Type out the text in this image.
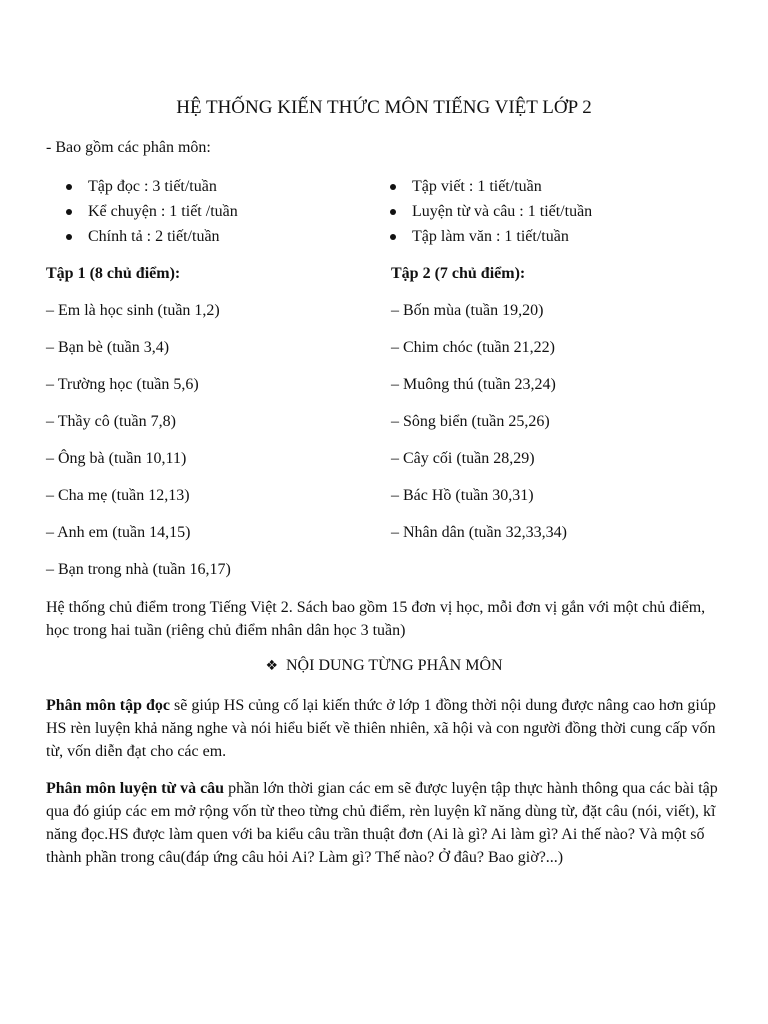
HỆ THỐNG KIẾN THỨC MÔN TIẾNG VIỆT LỚP 2

- Bao gồm các phân môn:

Tập đọc : 3 tiết/tuần
Kể chuyện : 1 tiết /tuần
Chính tả : 2 tiết/tuần
Tập viết : 1 tiết/tuần
Luyện từ và câu : 1 tiết/tuần
Tập làm văn : 1 tiết/tuần
Tập 1 (8 chủ điểm):
– Em là học sinh (tuần 1,2)
– Bạn bè (tuần 3,4)
– Trường học (tuần 5,6)
– Thầy cô (tuần 7,8)
– Ông bà (tuần 10,11)
– Cha mẹ (tuần 12,13)
– Anh em (tuần 14,15)
– Bạn trong nhà (tuần 16,17)
Tập 2 (7 chủ điểm):
– Bốn mùa (tuần 19,20)
– Chim chóc (tuần 21,22)
– Muông thú (tuần 23,24)
– Sông biển (tuần 25,26)
– Cây cối (tuần 28,29)
– Bác Hồ (tuần 30,31)
– Nhân dân (tuần 32,33,34)

Hệ thống chủ điểm trong Tiếng Việt 2. Sách bao gồm 15 đơn vị học, mỗi đơn vị gắn với một chủ điểm, học trong hai tuần (riêng chủ điểm nhân dân học 3 tuần)

❖ NỘI DUNG TỪNG PHÂN MÔN

Phân môn tập đọc sẽ giúp HS củng cố lại kiến thức ở lớp 1 đồng thời nội dung được nâng cao hơn giúp HS rèn luyện khả năng nghe và nói hiểu biết về thiên nhiên, xã hội và con người đồng thời cung cấp vốn từ, vốn diễn đạt cho các em.

Phân môn luyện từ và câu phần lớn thời gian các em sẽ được luyện tập thực hành thông qua các bài tập qua đó giúp các em mở rộng vốn từ theo từng chủ điểm, rèn luyện kĩ năng dùng từ, đặt câu (nói, viết), kĩ năng đọc.HS được làm quen với ba kiểu câu trần thuật đơn (Ai là gì? Ai làm gì? Ai thế nào? Và một số thành phần trong câu(đáp ứng câu hỏi Ai? Làm gì? Thế nào? Ở đâu? Bao giờ?...)
